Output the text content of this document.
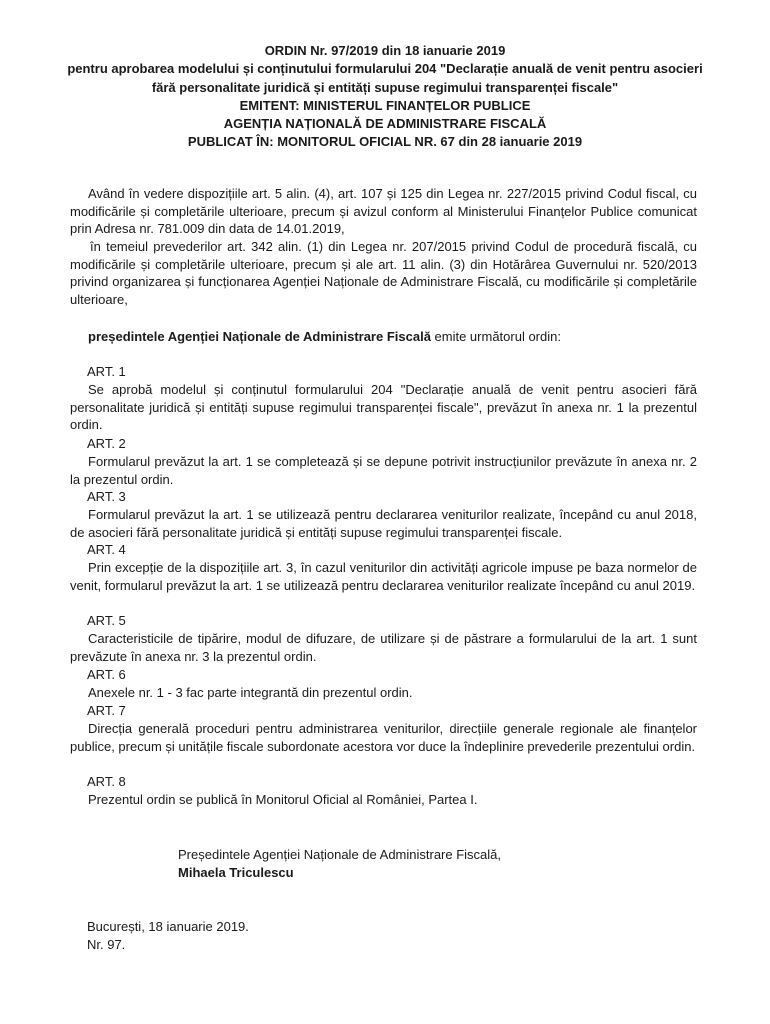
ORDIN Nr. 97/2019 din 18 ianuarie 2019
pentru aprobarea modelului și conținutului formularului 204 "Declarație anuală de venit pentru asocieri fără personalitate juridică și entități supuse regimului transparenței fiscale"
EMITENT: MINISTERUL FINANȚELOR PUBLICE
AGENȚIA NAȚIONALĂ DE ADMINISTRARE FISCALĂ
PUBLICAT ÎN: MONITORUL OFICIAL NR. 67 din 28 ianuarie 2019
Având în vedere dispozițiile art. 5 alin. (4), art. 107 și 125 din Legea nr. 227/2015 privind Codul fiscal, cu modificările și completările ulterioare, precum și avizul conform al Ministerului Finanțelor Publice comunicat prin Adresa nr. 781.009 din data de 14.01.2019,
în temeiul prevederilor art. 342 alin. (1) din Legea nr. 207/2015 privind Codul de procedură fiscală, cu modificările și completările ulterioare, precum și ale art. 11 alin. (3) din Hotărârea Guvernului nr. 520/2013 privind organizarea și funcționarea Agenției Naționale de Administrare Fiscală, cu modificările și completările ulterioare,
președintele Agenției Naționale de Administrare Fiscală emite următorul ordin:
ART. 1
Se aprobă modelul și conținutul formularului 204 "Declarație anuală de venit pentru asocieri fără personalitate juridică și entități supuse regimului transparenței fiscale", prevăzut în anexa nr. 1 la prezentul ordin.
ART. 2
Formularul prevăzut la art. 1 se completează și se depune potrivit instrucțiunilor prevăzute în anexa nr. 2 la prezentul ordin.
ART. 3
Formularul prevăzut la art. 1 se utilizează pentru declararea veniturilor realizate, începând cu anul 2018, de asocieri fără personalitate juridică și entități supuse regimului transparenței fiscale.
ART. 4
Prin excepție de la dispozițiile art. 3, în cazul veniturilor din activități agricole impuse pe baza normelor de venit, formularul prevăzut la art. 1 se utilizează pentru declararea veniturilor realizate începând cu anul 2019.
ART. 5
Caracteristicile de tipărire, modul de difuzare, de utilizare și de păstrare a formularului de la art. 1 sunt prevăzute în anexa nr. 3 la prezentul ordin.
ART. 6
Anexele nr. 1 - 3 fac parte integrantă din prezentul ordin.
ART. 7
Direcția generală proceduri pentru administrarea veniturilor, direcțiile generale regionale ale finanțelor publice, precum și unitățile fiscale subordonate acestora vor duce la îndeplinire prevederile prezentului ordin.
ART. 8
Prezentul ordin se publică în Monitorul Oficial al României, Partea I.
Președintele Agenției Naționale de Administrare Fiscală,
Mihaela Triculescu
București, 18 ianuarie 2019.
Nr. 97.
